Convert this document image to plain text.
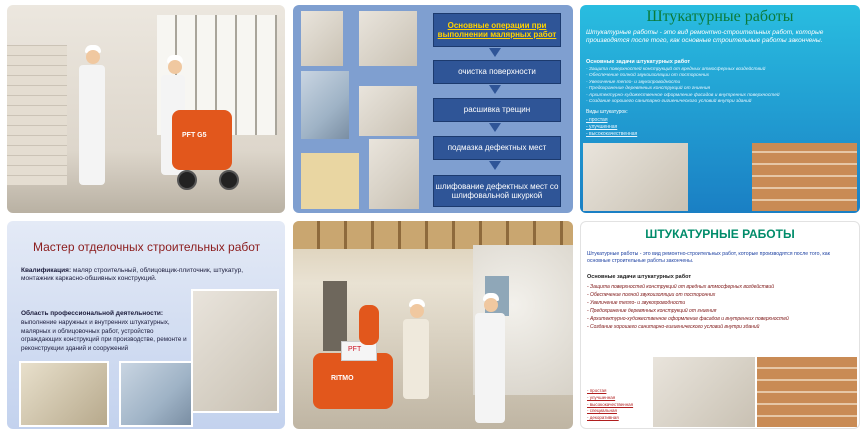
PFT G5
Основные операции при выполнении малярных работ
очистка поверхности
расшивка трещин
подмазка дефектных мест
шлифование дефектных мест со шлифовальной шкуркой
Штукатурные работы
Штукатурные работы - это вид ремонтно-строительных работ, которые производятся после того, как основные строительные работы закончены.
Основные задачи штукатурных работ
- Защита поверхностей конструкций от вредных атмосферных воздействий
- Обеспечение полной звукоизоляции от посторонних
- Увеличение тепло- и звукопроводности
- Предохранение деревянных конструкций от гниения
- Архитектурно-художественное оформление фасадов и внутренних поверхностей
- Создание хорошего санитарно-гигиенического условий внутри зданий
Виды штукатурок:
- простая
- улучшенная
- высококачественная
Мастер отделочных строительных работ
Квалификация: маляр строительный, облицовщик-плиточник, штукатур, монтажник каркасно-обшивных конструкций.
Область профессиональной деятельности:
выполнение наружных и внутренних штукатурных, малярных и облицовочных работ, устройство ограждающих конструкций при производстве, ремонте и реконструкции зданий и сооружений
RITMO
PFT
ШТУКАТУРНЫЕ РАБОТЫ
Штукатурные работы - это вид ремонтно-строительных работ, которые производятся после того, как основные строительные работы закончены.
Основные задачи штукатурных работ
- Защита поверхностей конструкций от вредных атмосферных воздействий
- Обеспечение полной звукоизоляции от посторонних
- Увеличение тепло- и звукопроводности
- Предохранение деревянных конструкций от гниения
- Архитектурно-художественное оформление фасадов и внутренних поверхностей
- Создание хорошего санитарно-гигиенического условий внутри зданий
- простая
- улучшенная
- высококачественная
- специальная
- декоративная
